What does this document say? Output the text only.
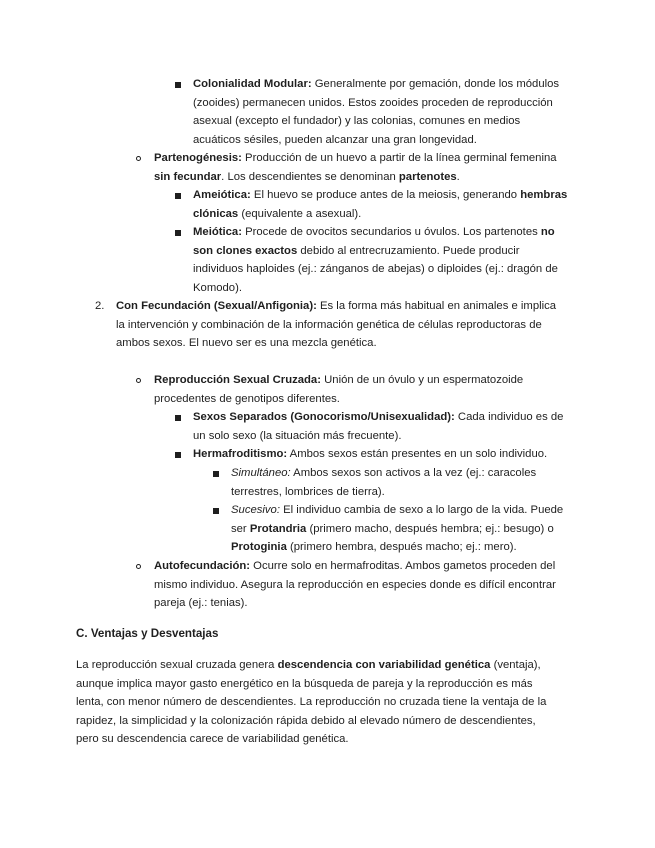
Colonialidad Modular: Generalmente por gemación, donde los módulos
(zooides) permanecen unidos. Estos zooides proceden de reproducción
asexual (excepto el fundador) y las colonias, comunes en medios
acuáticos sésiles, pueden alcanzar una gran longevidad.
Partenogénesis: Producción de un huevo a partir de la línea germinal femenina
sin fecundar. Los descendientes se denominan partenotes.
Ameiótica: El huevo se produce antes de la meiosis, generando hembras
clónicas (equivalente a asexual).
Meiótica: Procede de ovocitos secundarios u óvulos. Los partenotes no
son clones exactos debido al entrecruzamiento. Puede producir
individuos haploides (ej.: zánganos de abejas) o diploides (ej.: dragón de
Komodo).
2. Con Fecundación (Sexual/Anfigonia): Es la forma más habitual en animales e implica
la intervención y combinación de la información genética de células reproductoras de
ambos sexos. El nuevo ser es una mezcla genética.
Reproducción Sexual Cruzada: Unión de un óvulo y un espermatozoide
procedentes de genotipos diferentes.
Sexos Separados (Gonocorismo/Unisexualidad): Cada individuo es de
un solo sexo (la situación más frecuente).
Hermafroditismo: Ambos sexos están presentes en un solo individuo.
Simultáneo: Ambos sexos son activos a la vez (ej.: caracoles
terrestres, lombrices de tierra).
Sucesivo: El individuo cambia de sexo a lo largo de la vida. Puede
ser Protandria (primero macho, después hembra; ej.: besugo) o
Protoginia (primero hembra, después macho; ej.: mero).
Autofecundación: Ocurre solo en hermafroditas. Ambos gametos proceden del
mismo individuo. Asegura la reproducción en especies donde es difícil encontrar
pareja (ej.: tenias).
C. Ventajas y Desventajas
La reproducción sexual cruzada genera descendencia con variabilidad genética (ventaja),
aunque implica mayor gasto energético en la búsqueda de pareja y la reproducción es más
lenta, con menor número de descendientes. La reproducción no cruzada tiene la ventaja de la
rapidez, la simplicidad y la colonización rápida debido al elevado número de descendientes,
pero su descendencia carece de variabilidad genética.
